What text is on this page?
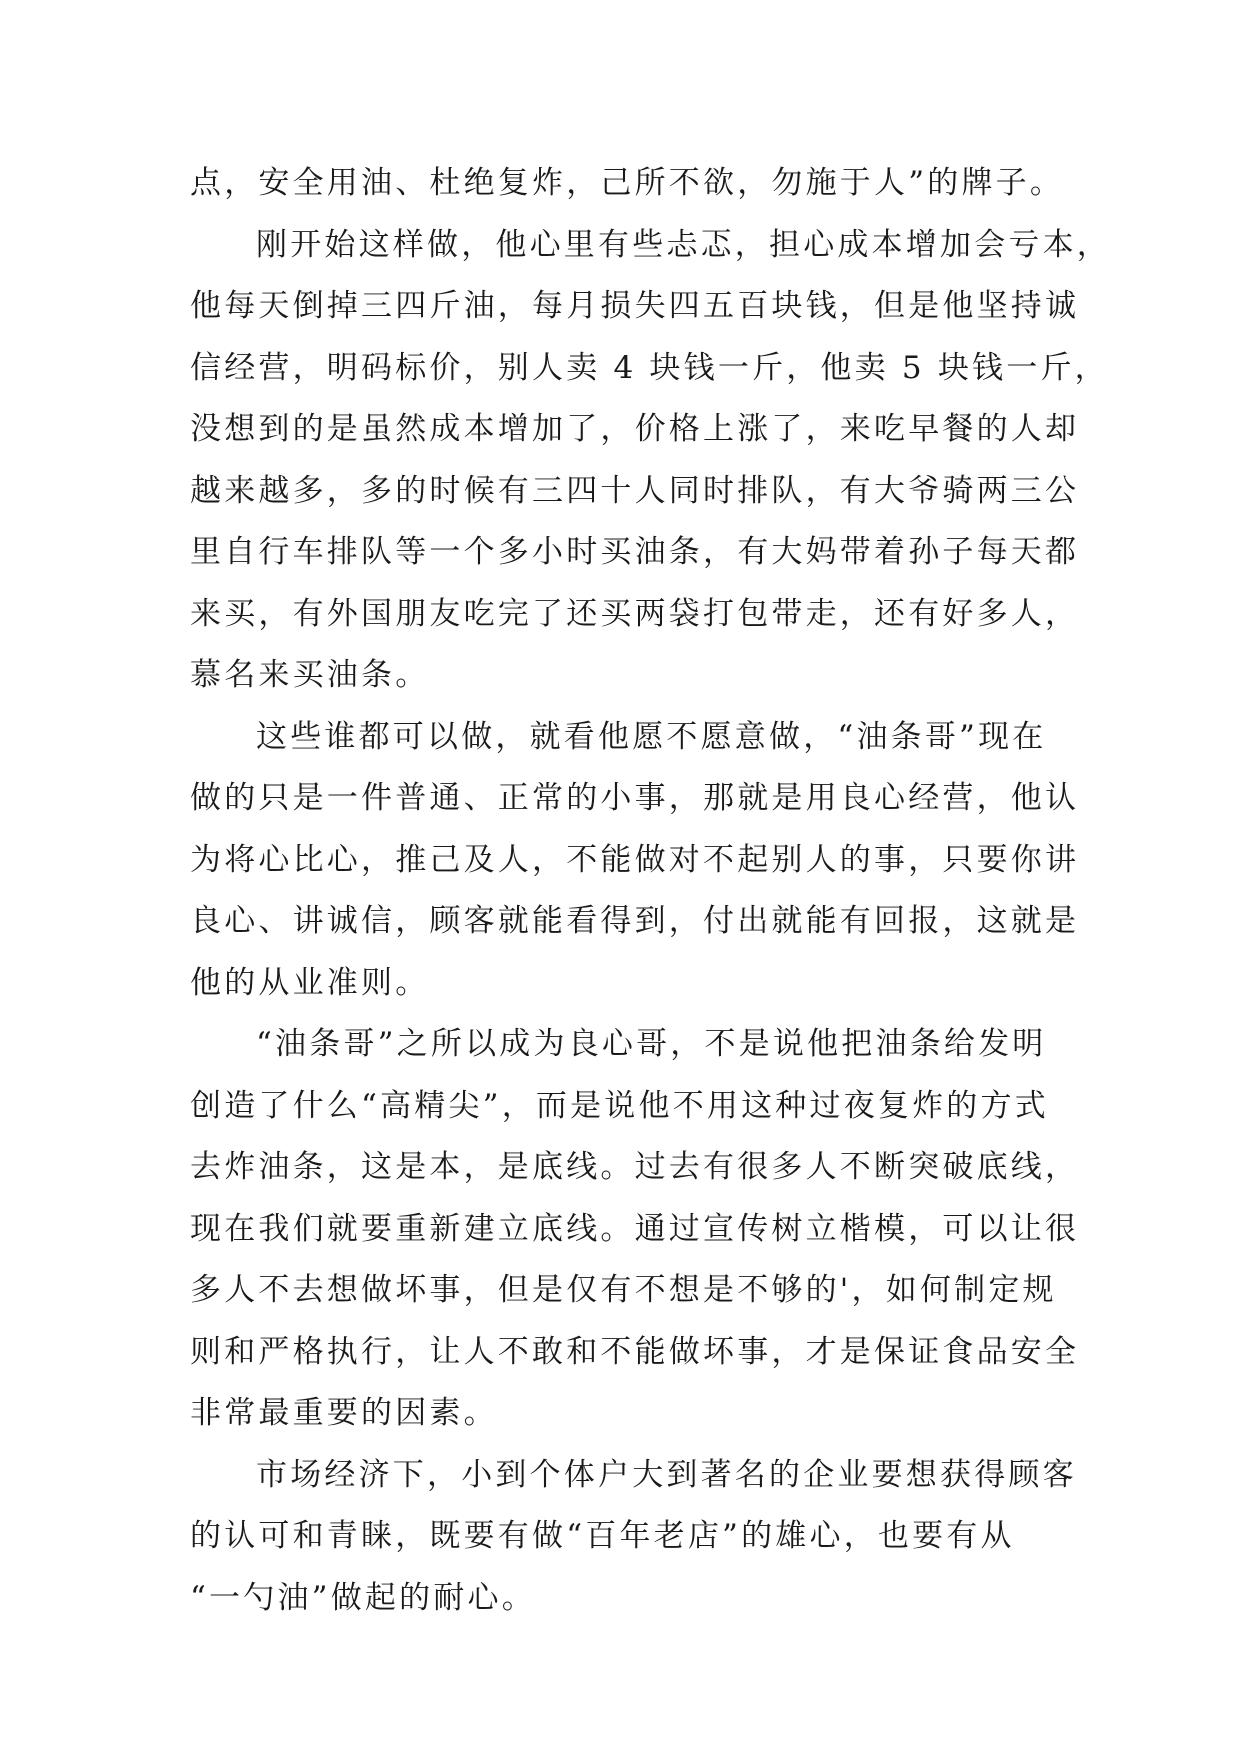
点，安全用油、杜绝复炸，己所不欲，勿施于人”的牌子。
刚开始这样做，他心里有些忐忑，担心成本增加会亏本，
他每天倒掉三四斤油，每月损失四五百块钱，但是他坚持诚
信经营，明码标价，别人卖 4 块钱一斤，他卖 5 块钱一斤，
没想到的是虽然成本增加了，价格上涨了，来吃早餐的人却
越来越多，多的时候有三四十人同时排队，有大爷骑两三公
里自行车排队等一个多小时买油条，有大妈带着孙子每天都
来买，有外国朋友吃完了还买两袋打包带走，还有好多人，
慕名来买油条。
这些谁都可以做，就看他愿不愿意做，“油条哥”现在
做的只是一件普通、正常的小事，那就是用良心经营，他认
为将心比心，推己及人，不能做对不起别人的事，只要你讲
良心、讲诚信，顾客就能看得到，付出就能有回报，这就是
他的从业准则。
“油条哥”之所以成为良心哥，不是说他把油条给发明
创造了什么“高精尖”，而是说他不用这种过夜复炸的方式
去炸油条，这是本，是底线。过去有很多人不断突破底线，
现在我们就要重新建立底线。通过宣传树立楷模，可以让很
多人不去想做坏事，但是仅有不想是不够的'，如何制定规
则和严格执行，让人不敢和不能做坏事，才是保证食品安全
非常最重要的因素。
市场经济下，小到个体户大到著名的企业要想获得顾客
的认可和青睐，既要有做“百年老店”的雄心，也要有从
“一勺油”做起的耐心。
